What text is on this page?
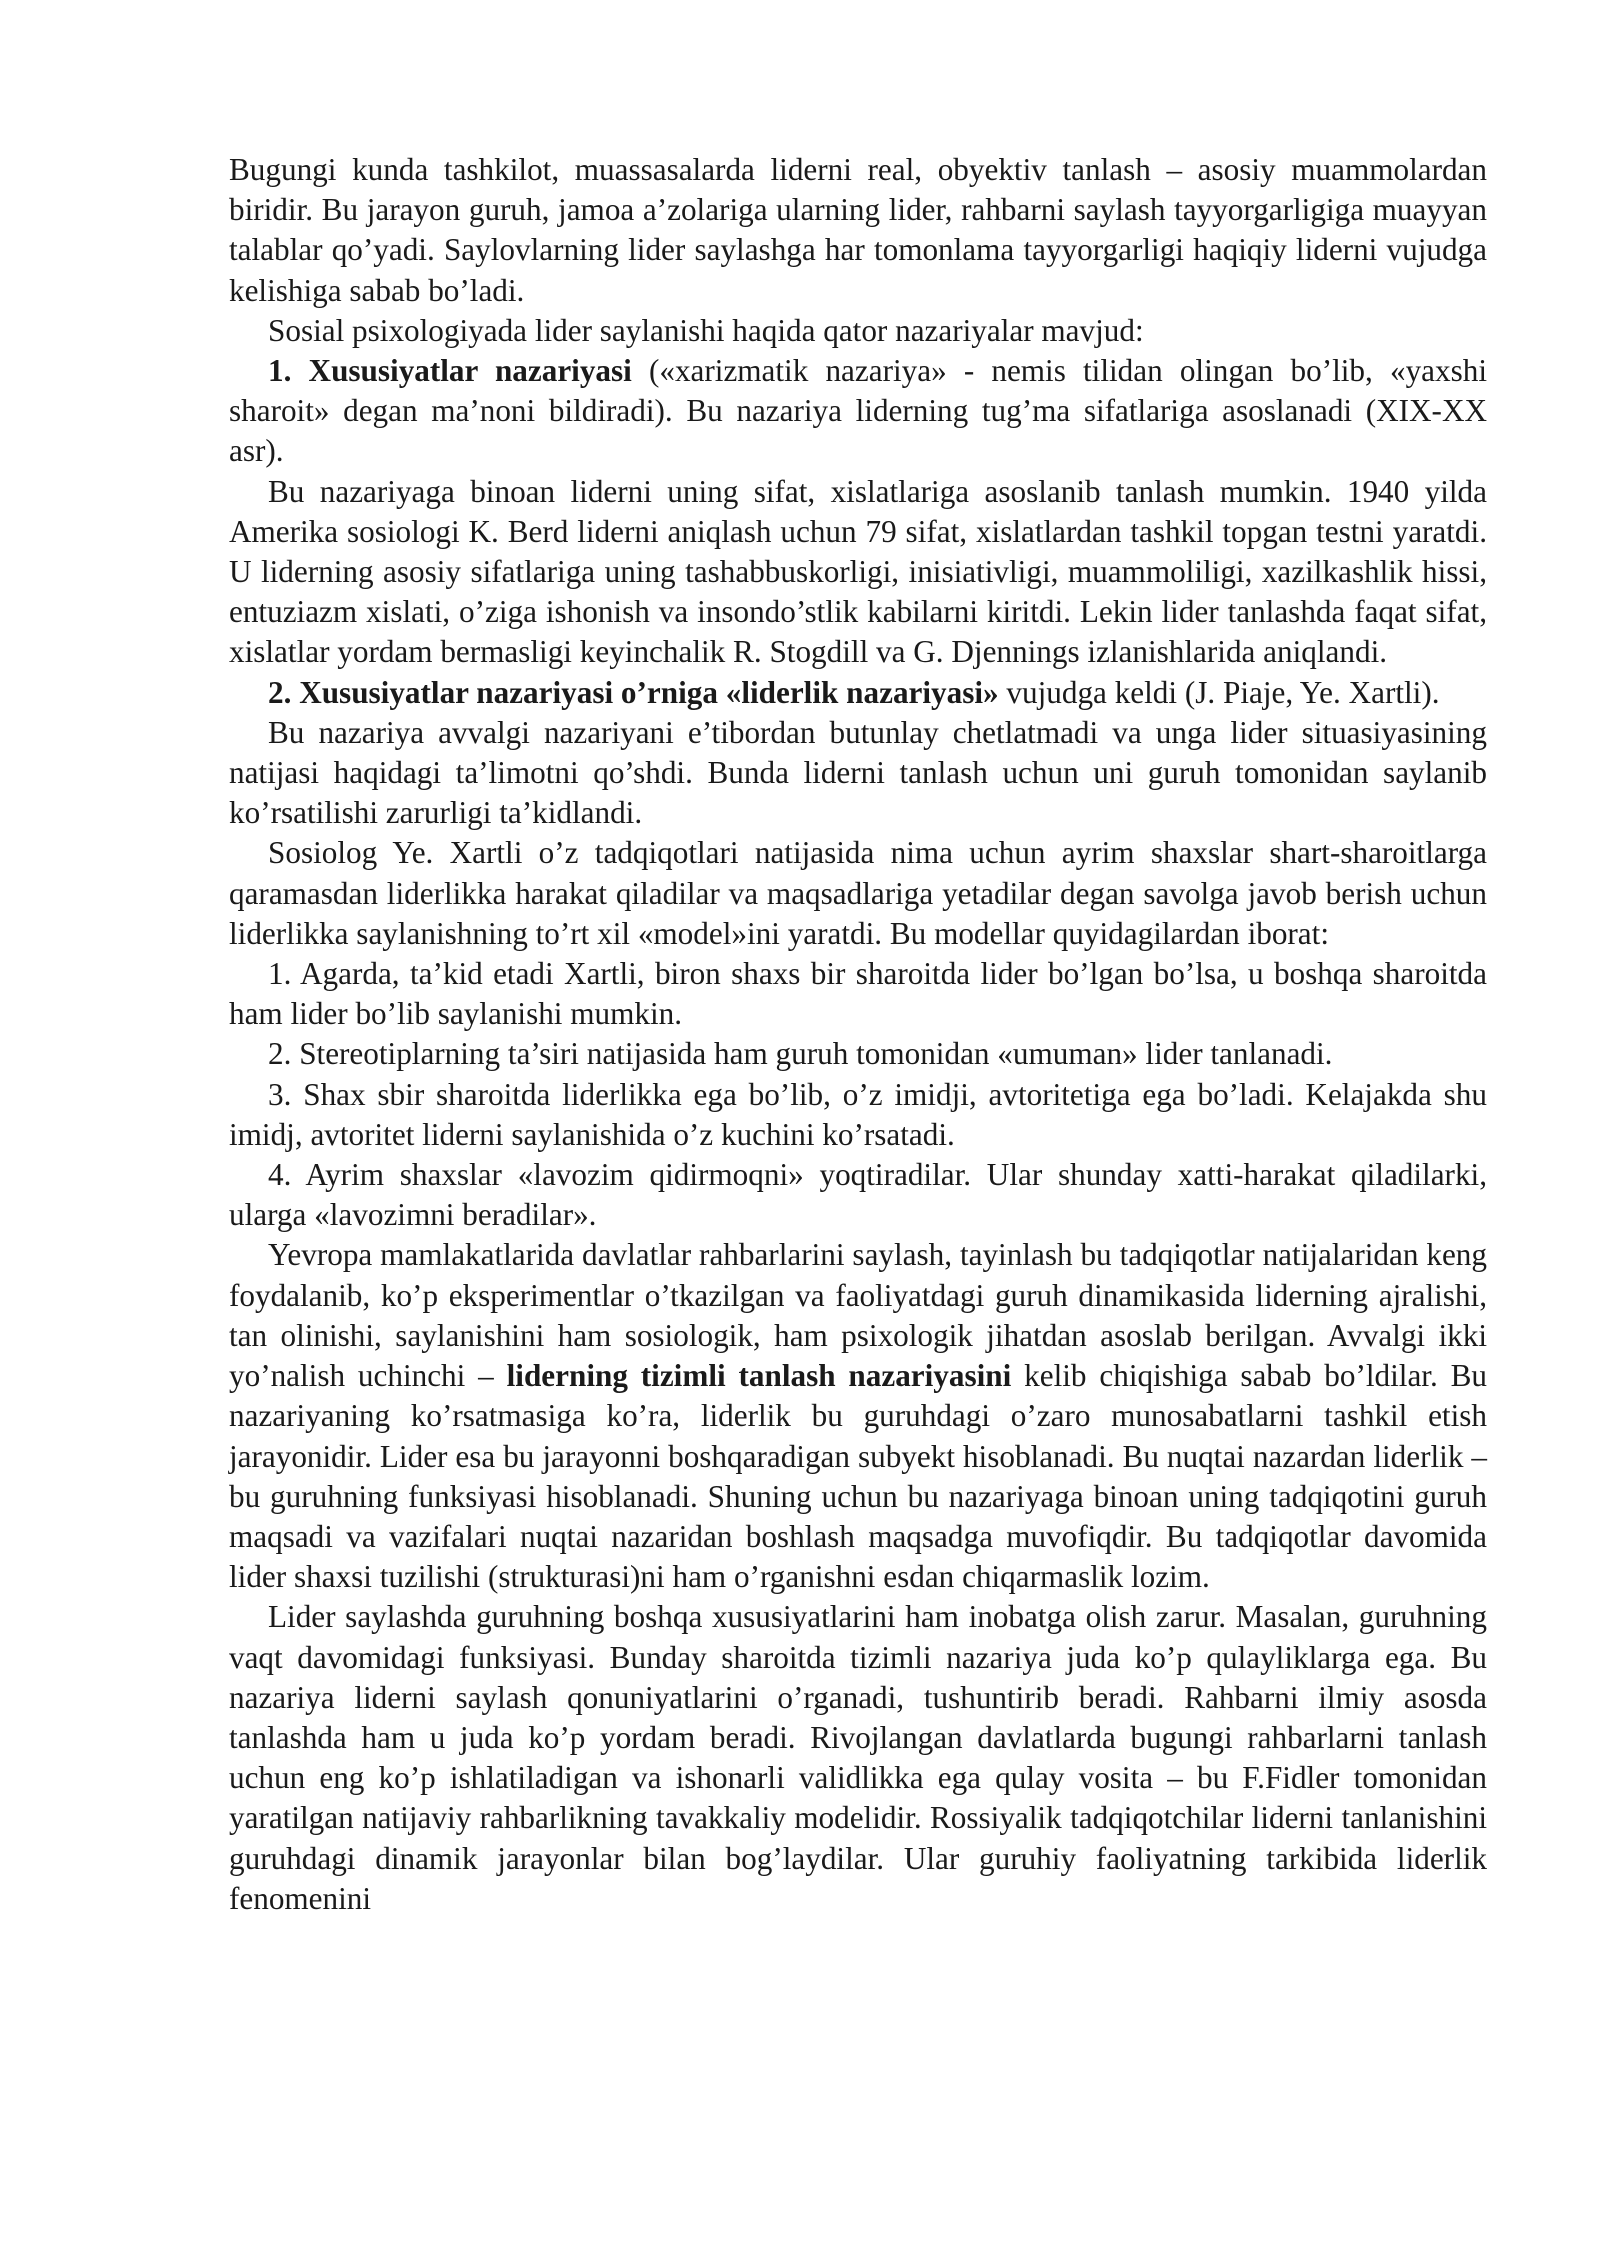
Bugungi kunda tashkilot, muassasalarda liderni real, obyektiv tanlash – asosiy muammolardan biridir. Bu jarayon guruh, jamoa a’zolariga ularning lider, rahbarni saylash tayyorgarligiga muayyan talablar qo’yadi. Saylovlarning lider saylashga har tomonlama tayyorgarligi haqiqiy liderni vujudga kelishiga sabab bo’ladi.

Sosial psixologiyada lider saylanishi haqida qator nazariyalar mavjud:

1. Xususiyatlar nazariyasi («xarizmatik nazariya» - nemis tilidan olingan bo’lib, «yaxshi sharoit» degan ma’noni bildiradi). Bu nazariya liderning tug’ma sifatlariga asoslanadi (XIX-XX asr).

Bu nazariyaga binoan liderni uning sifat, xislatlariga asoslanib tanlash mumkin. 1940 yilda Amerika sosiologi K. Berd liderni aniqlash uchun 79 sifat, xislatlardan tashkil topgan testni yaratdi. U liderning asosiy sifatlariga uning tashabbuskorligi, inisiativligi, muammoliligi, xazilkashlik hissi, entuziazm xislati, o’ziga ishonish va insondo’stlik kabilarni kiritdi. Lekin lider tanlashda faqat sifat, xislatlar yordam bermasligi keyinchalik R. Stogdill va G. Djennings izlanishlarida aniqlandi.

2. Xususiyatlar nazariyasi o’rniga «liderlik nazariyasi» vujudga keldi (J. Piaje, Ye. Xartli).

Bu nazariya avvalgi nazariyani e’tibordan butunlay chetlatmadi va unga lider situasiyasining natijasi haqidagi ta’limotni qo’shdi. Bunda liderni tanlash uchun uni guruh tomonidan saylanib ko’rsatilishi zarurligi ta’kidlandi.

Sosiolog Ye. Xartli o’z tadqiqotlari natijasida nima uchun ayrim shaxslar shart-sharoitlarga qaramasdan liderlikka harakat qiladilar va maqsadlariga yetadilar degan savolga javob berish uchun liderlikka saylanishning to’rt xil «model»ini yaratdi. Bu modellar quyidagilardan iborat:

1. Agarda, ta’kid etadi Xartli, biron shaxs bir sharoitda lider bo’lgan bo’lsa, u boshqa sharoitda ham lider bo’lib saylanishi mumkin.

2. Stereotiplarning ta’siri natijasida ham guruh tomonidan «umuman» lider tanlanadi.

3. Shax sbir sharoitda liderlikka ega bo’lib, o’z imidji, avtoritetiga ega bo’ladi. Kelajakda shu imidj, avtoritet liderni saylanishida o’z kuchini ko’rsatadi.

4. Ayrim shaxslar «lavozim qidirmoqni» yoqtiradilar. Ular shunday xatti-harakat qiladilarki, ularga «lavozimni beradilar».

Yevropa mamlakatlarida davlatlar rahbarlarini saylash, tayinlash bu tadqiqotlar natijalaridan keng foydalanib, ko’p eksperimentlar o’tkazilgan va faoliyatdagi guruh dinamikasida liderning ajralishi, tan olinishi, saylanishini ham sosiologik, ham psixologik jihatdan asoslab berilgan. Avvalgi ikki yo’nalish uchinchi – liderning tizimli tanlash nazariyasini kelib chiqishiga sabab bo’ldilar. Bu nazariyaning ko’rsatmasiga ko’ra, liderlik bu guruhdagi o’zaro munosabatlarni tashkil etish jarayonidir. Lider esa bu jarayonni boshqaradigan subyekt hisoblanadi. Bu nuqtai nazardan liderlik – bu guruhning funksiyasi hisoblanadi. Shuning uchun bu nazariyaga binoan uning tadqiqotini guruh maqsadi va vazifalari nuqtai nazaridan boshlash maqsadga muvofiqdir. Bu tadqiqotlar davomida lider shaxsi tuzilishi (strukturasi)ni ham o’rganishni esdan chiqarmaslik lozim.

Lider saylashda guruhning boshqa xususiyatlarini ham inobatga olish zarur. Masalan, guruhning vaqt davomidagi funksiyasi. Bunday sharoitda tizimli nazariya juda ko’p qulayliklarga ega. Bu nazariya liderni saylash qonuniyatlarini o’rganadi, tushuntirib beradi. Rahbarni ilmiy asosda tanlashda ham u juda ko’p yordam beradi. Rivojlangan davlatlarda bugungi rahbarlarni tanlash uchun eng ko’p ishlatiladigan va ishonarli validlikka ega qulay vosita – bu F.Fidler tomonidan yaratilgan natijaviy rahbarlikning tavakkaliy modelidir. Rossiyalik tadqiqotchilar liderni tanlanishini guruhdagi dinamik jarayonlar bilan bog’laydilar. Ular guruhiy faoliyatning tarkibida liderlik fenomenini
